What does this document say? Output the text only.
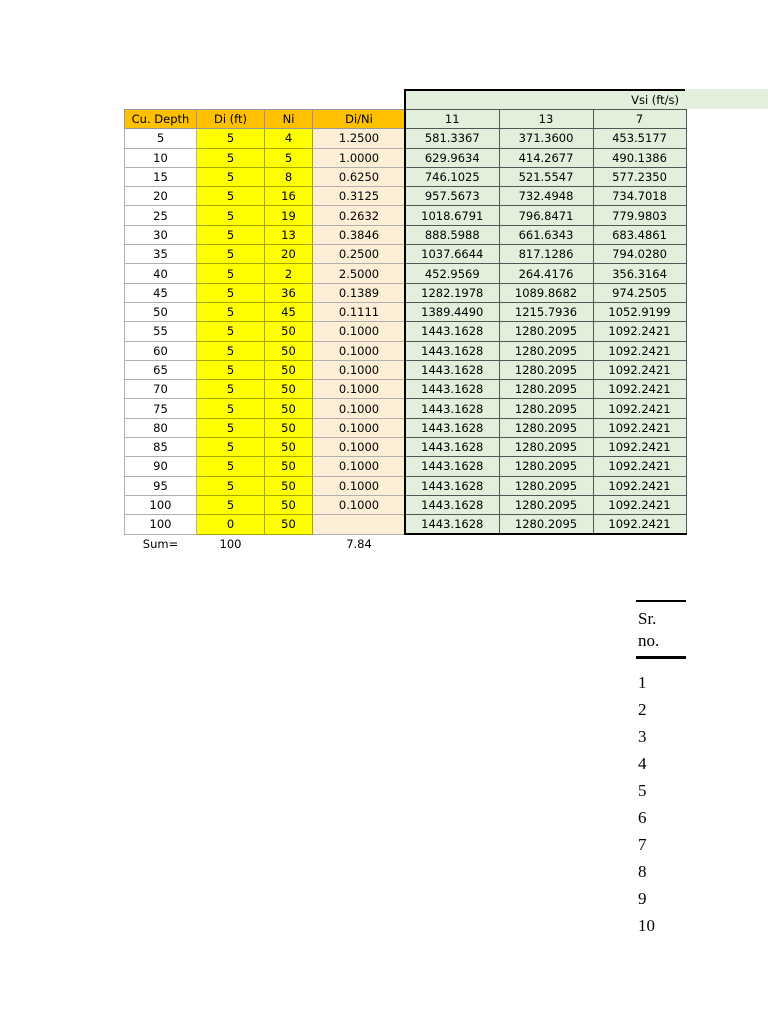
Cu. Depth	Di (ft)	Ni	Di/Ni
5	5	4	1.2500
10	5	5	1.0000
15	5	8	0.6250
20	5	16	0.3125
25	5	19	0.2632
30	5	13	0.3846
35	5	20	0.2500
40	5	2	2.5000
45	5	36	0.1389
50	5	45	0.1111
55	5	50	0.1000
60	5	50	0.1000
65	5	50	0.1000
70	5	50	0.1000
75	5	50	0.1000
80	5	50	0.1000
85	5	50	0.1000
90	5	50	0.1000
95	5	50	0.1000
100	5	50	0.1000
100	0	50	
Sum=	100		7.84
Vsi (ft/s)
11	13	7
581.3367	371.3600	453.5177
629.9634	414.2677	490.1386
746.1025	521.5547	577.2350
957.5673	732.4948	734.7018
1018.6791	796.8471	779.9803
888.5988	661.6343	683.4861
1037.6644	817.1286	794.0280
452.9569	264.4176	356.3164
1282.1978	1089.8682	974.2505
1389.4490	1215.7936	1052.9199
1443.1628	1280.2095	1092.2421
1443.1628	1280.2095	1092.2421
1443.1628	1280.2095	1092.2421
1443.1628	1280.2095	1092.2421
1443.1628	1280.2095	1092.2421
1443.1628	1280.2095	1092.2421
1443.1628	1280.2095	1092.2421
1443.1628	1280.2095	1092.2421
1443.1628	1280.2095	1092.2421
1443.1628	1280.2095	1092.2421
1443.1628	1280.2095	1092.2421
Sr.
no.
1
2
3
4
5
6
7
8
9
10
